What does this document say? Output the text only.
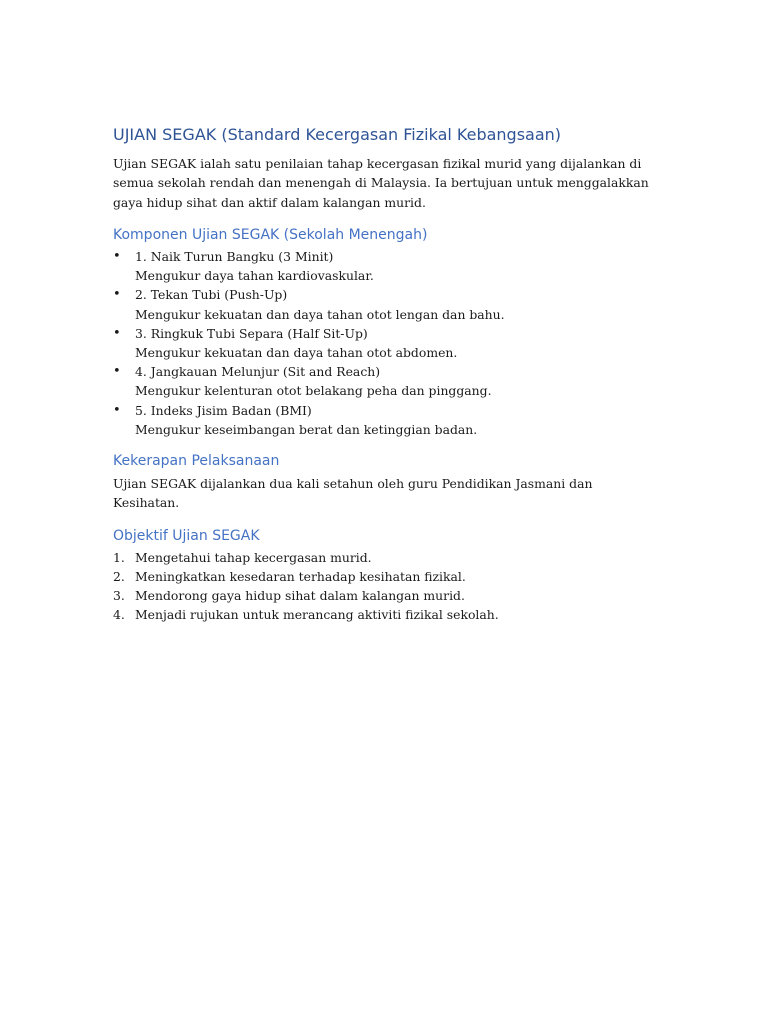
UJIAN SEGAK (Standard Kecergasan Fizikal Kebangsaan)

Ujian SEGAK ialah satu penilaian tahap kecergasan fizikal murid yang dijalankan di semua sekolah rendah dan menengah di Malaysia. Ia bertujuan untuk menggalakkan gaya hidup sihat dan aktif dalam kalangan murid.

Komponen Ujian SEGAK (Sekolah Menengah)
• 1. Naik Turun Bangku (3 Minit)
Mengukur daya tahan kardiovaskular.
• 2. Tekan Tubi (Push-Up)
Mengukur kekuatan dan daya tahan otot lengan dan bahu.
• 3. Ringkuk Tubi Separa (Half Sit-Up)
Mengukur kekuatan dan daya tahan otot abdomen.
• 4. Jangkauan Melunjur (Sit and Reach)
Mengukur kelenturan otot belakang peha dan pinggang.
• 5. Indeks Jisim Badan (BMI)
Mengukur keseimbangan berat dan ketinggian badan.
Kekerapan Pelaksanaan

Ujian SEGAK dijalankan dua kali setahun oleh guru Pendidikan Jasmani dan Kesihatan.

Objektif Ujian SEGAK
1. Mengetahui tahap kecergasan murid.
2. Meningkatkan kesedaran terhadap kesihatan fizikal.
3. Mendorong gaya hidup sihat dalam kalangan murid.
4. Menjadi rujukan untuk merancang aktiviti fizikal sekolah.
